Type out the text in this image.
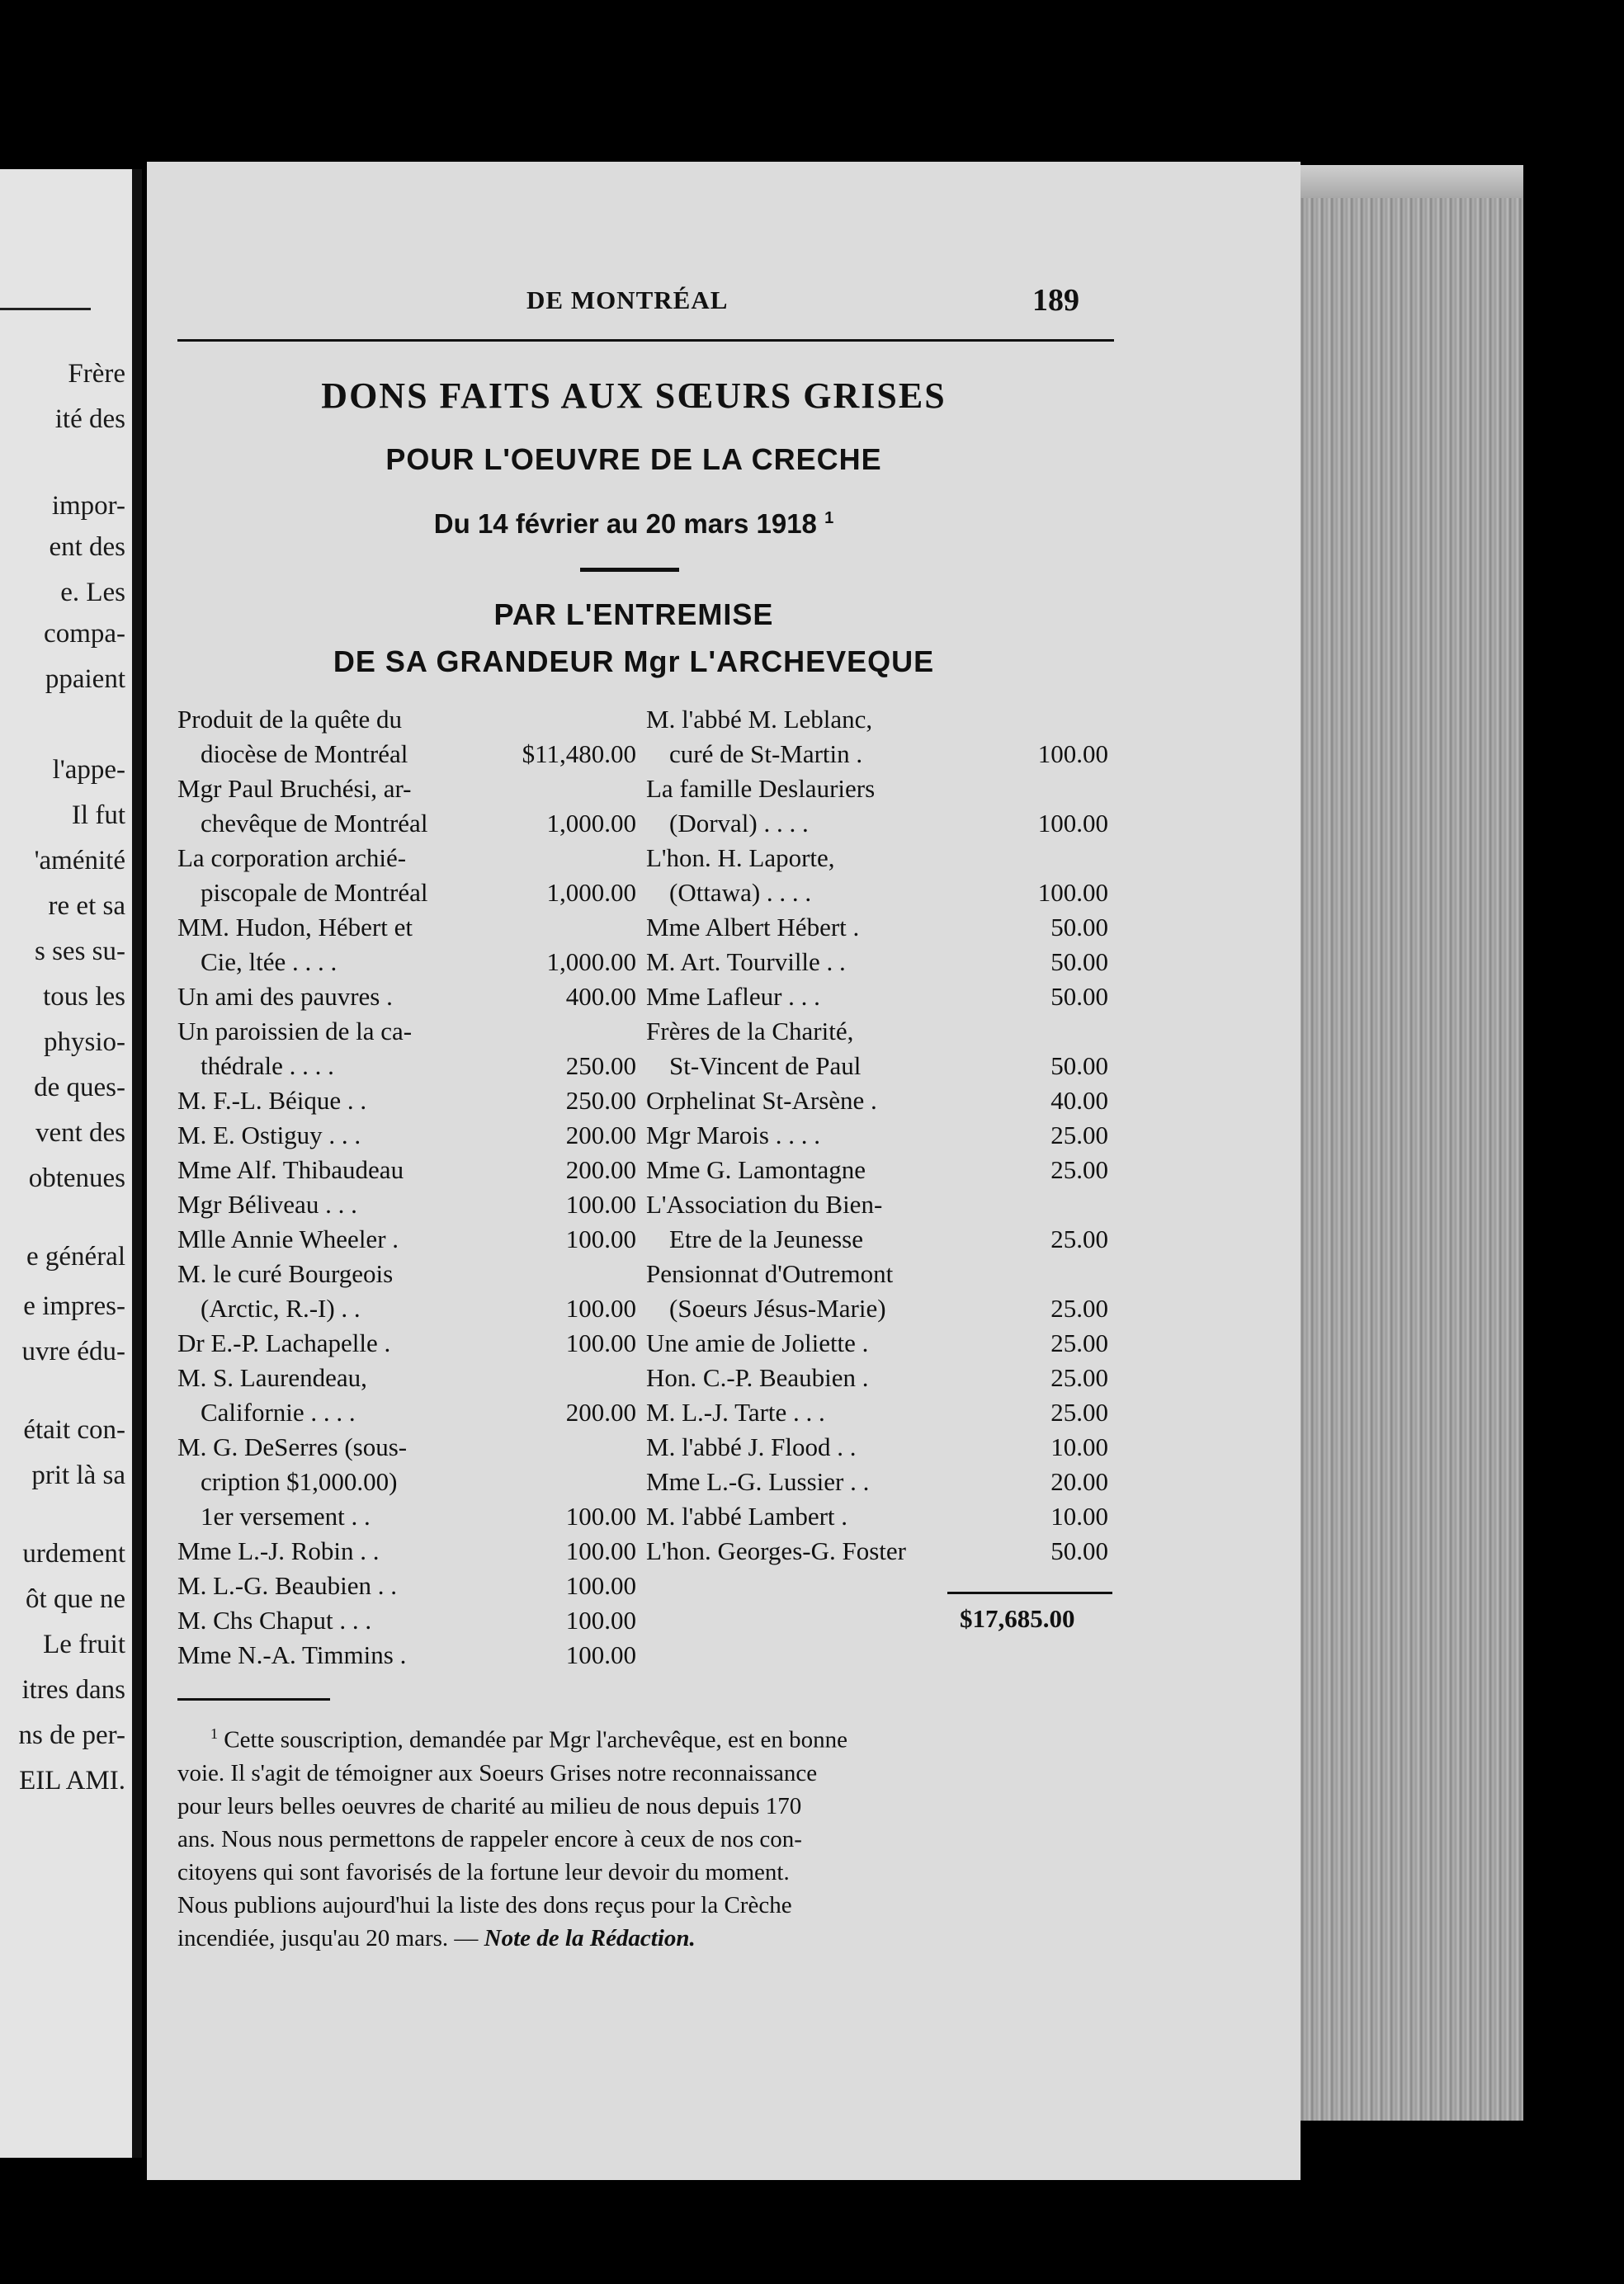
Frère
ité des
impor-
ent des
e. Les
compa-
ppaient
l'appe-
Il fut
'aménité
re et sa
s ses su-
tous les
physio-
de ques-
vent des
obtenues
e général
e impres-
uvre édu-
était con-
prit là sa
urdement
ôt que ne
Le fruit
itres dans
ns de per-
EIL AMI.
DE MONTRÉAL	189
DONS FAITS AUX SŒURS GRISES
POUR L'OEUVRE DE LA CRECHE
Du 14 février au 20 mars 1918 $^1$
PAR L'ENTREMISE
DE SA GRANDEUR Mgr L'ARCHEVEQUE
Produit de la quête du
diocèse de Montréal	$11,480.00
Mgr Paul Bruchési, ar-
chevêque de Montréal	1,000.00
La corporation archié-
piscopale de Montréal	1,000.00
MM. Hudon, Hébert et
Cie, ltée . . . .	1,000.00
Un ami des pauvres .	400.00
Un paroissien de la ca-
thédrale . . . .	250.00
M. F.-L. Béique . .	250.00
M. E. Ostiguy . . .	200.00
Mme Alf. Thibaudeau	200.00
Mgr Béliveau . . .	100.00
Mlle Annie Wheeler .	100.00
M. le curé Bourgeois
(Arctic, R.-I) . .	100.00
Dr E.-P. Lachapelle .	100.00
M. S. Laurendeau,
Californie . . . .	200.00
M. G. DeSerres (sous-
cription $1,000.00)
1er versement . .	100.00
Mme L.-J. Robin . .	100.00
M. L.-G. Beaubien . .	100.00
M. Chs Chaput . . .	100.00
Mme N.-A. Timmins .	100.00
M. l'abbé M. Leblanc,
curé de St-Martin .	100.00
La famille Deslauriers
(Dorval) . . . .	100.00
L'hon. H. Laporte,
(Ottawa) . . . .	100.00
Mme Albert Hébert .	50.00
M. Art. Tourville . .	50.00
Mme Lafleur . . .	50.00
Frères de la Charité,
St-Vincent de Paul	50.00
Orphelinat St-Arsène .	40.00
Mgr Marois . . . .	25.00
Mme G. Lamontagne	25.00
L'Association du Bien-
Etre de la Jeunesse	25.00
Pensionnat d'Outremont
(Soeurs Jésus-Marie)	25.00
Une amie de Joliette .	25.00
Hon. C.-P. Beaubien .	25.00
M. L.-J. Tarte . . .	25.00
M. l'abbé J. Flood . .	10.00
Mme L.-G. Lussier . .	20.00
M. l'abbé Lambert .	10.00
L'hon. Georges-G. Foster	50.00
$17,685.00
$^1$ Cette souscription, demandée par Mgr l'archevêque, est en bonne
voie. Il s'agit de témoigner aux Soeurs Grises notre reconnaissance
pour leurs belles oeuvres de charité au milieu de nous depuis 170
ans. Nous nous permettons de rappeler encore à ceux de nos con-
citoyens qui sont favorisés de la fortune leur devoir du moment.
Nous publions aujourd'hui la liste des dons reçus pour la Crèche
incendiée, jusqu'au 20 mars. — Note de la Rédaction.
